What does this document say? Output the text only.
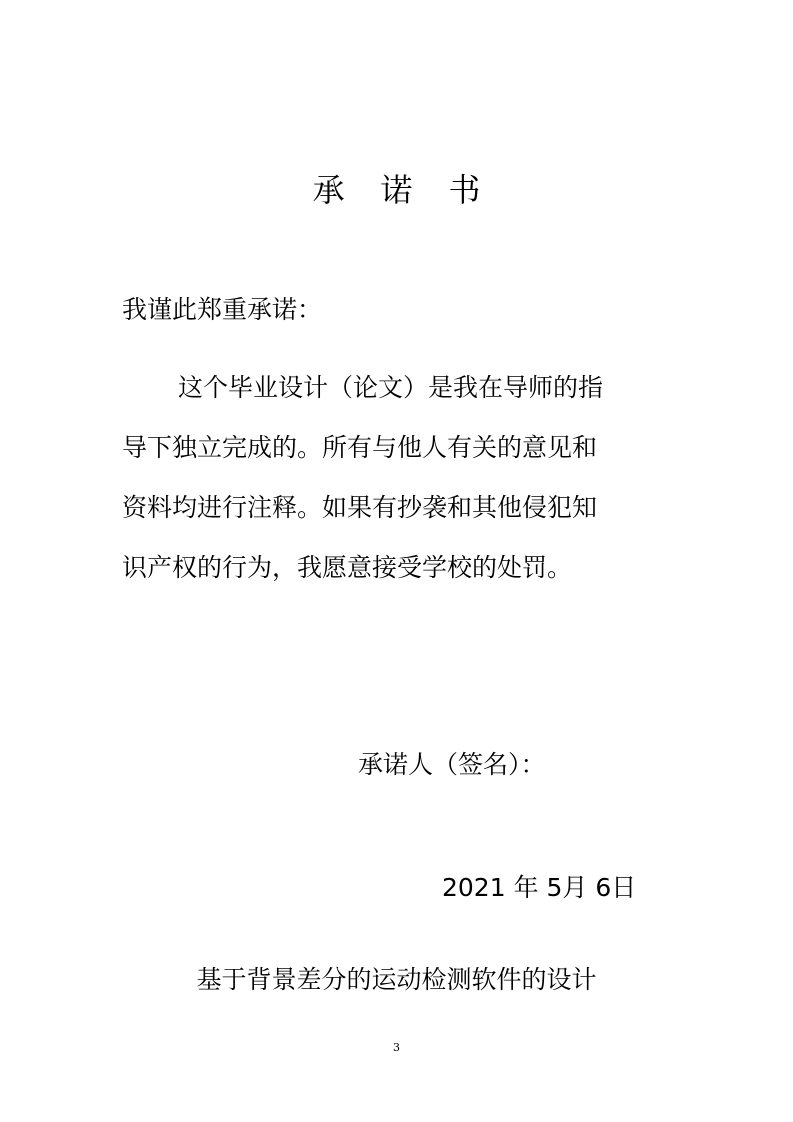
承诺书
我谨此郑重承诺：
这个毕业设计（论文）是我在导师的指
导下独立完成的。所有与他人有关的意见和
资料均进行注释。如果有抄袭和其他侵犯知
识产权的行为，我愿意接受学校的处罚。
承诺人（签名）：
2021 年 5月 6日
基于背景差分的运动检测软件的设计
3
